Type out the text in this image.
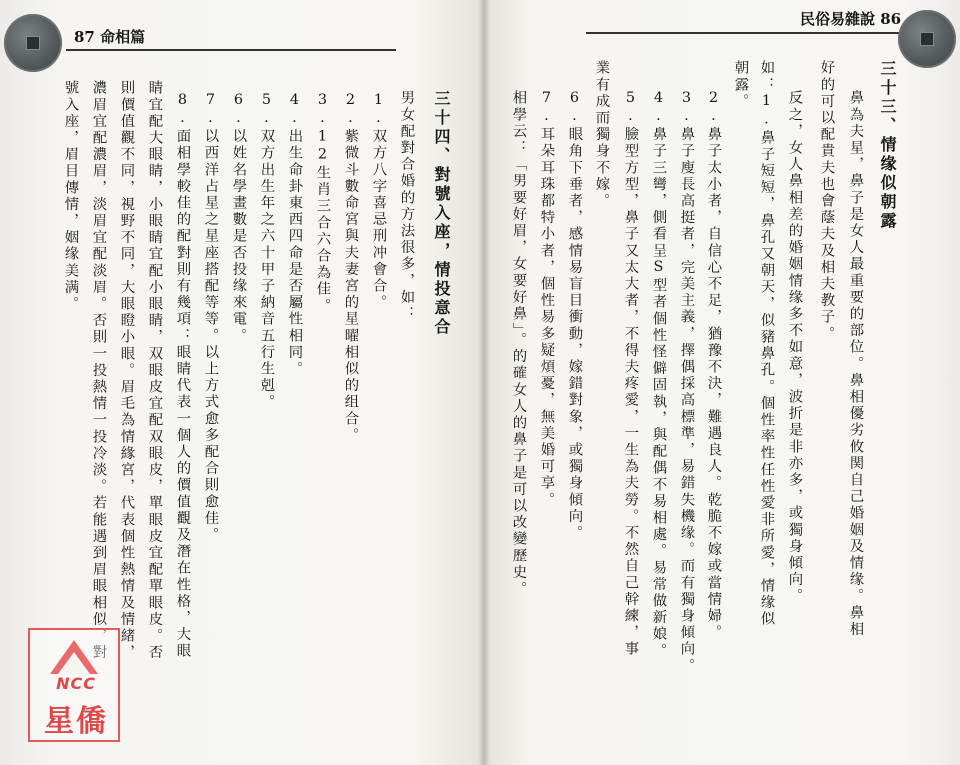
87 命相篇
三十四、對號入座，情投意合
男女配對合婚的方法很多，如：
1.双方八字喜忌刑冲會合。
2.紫微斗數命宮與夫妻宮的星曜相似的组合。
3.12生肖三合六合為佳。
4.出生命卦東西四命是否屬性相同。
5.双方出生年之六十甲子納音五行生剋。
6.以姓名學畫數是否投缘來電。
7.以西洋占星之星座搭配等等。以上方式愈多配合則愈佳。
8.面相學較佳的配對則有幾項：眼睛代表一個人的價值觀及潛在性格，大眼
睛宜配大眼睛，小眼睛宜配小眼睛，双眼皮宜配双眼皮，單眼皮宜配單眼皮。否
則價值觀不同，視野不同，大眼瞪小眼。眉毛為情緣宮，代表個性熱情及情緒，
濃眉宜配濃眉，淡眉宜配淡眉。否則一投熱情一投冷淡。若能遇到眉眼相似，對
號入座，眉目傳情，姻缘美满。
NCC
星僑
三十三、情缘似朝露
鼻為夫星，鼻子是女人最重要的部位。鼻相優劣攸関自己婚姻及情缘。鼻相
好的可以配貴夫也會蔭夫及相夫教子。
反之，女人鼻相差的婚姻情缘多不如意，波折是非亦多，或獨身傾向。
如：1.鼻子短短，鼻孔又朝天，似豬鼻孔。個性率性任性愛非所愛，情缘似
朝露。
2.鼻子太小者，自信心不足，猶豫不決，難遇良人。乾脆不嫁或當情婦。
3.鼻子廋長高挺者，完美主義，擇偶採高標準，易錯失機缘。而有獨身傾向。
4.鼻子三彎，側看呈S型者個性怪僻固執，與配偶不易相處。易常做新娘。
5.臉型方型，鼻子又太大者，不得夫疼愛，一生為夫勞。不然自己幹練，事
業有成而獨身不嫁。
6.眼角下垂者，感情易盲目衝動，嫁錯對象，或獨身傾向。
7.耳朵耳珠都特小者，個性易多疑煩憂，無美婚可享。
相學云：「男要好眉，女要好鼻」。的確女人的鼻子是可以改變歷史。
民俗易雜說 86
